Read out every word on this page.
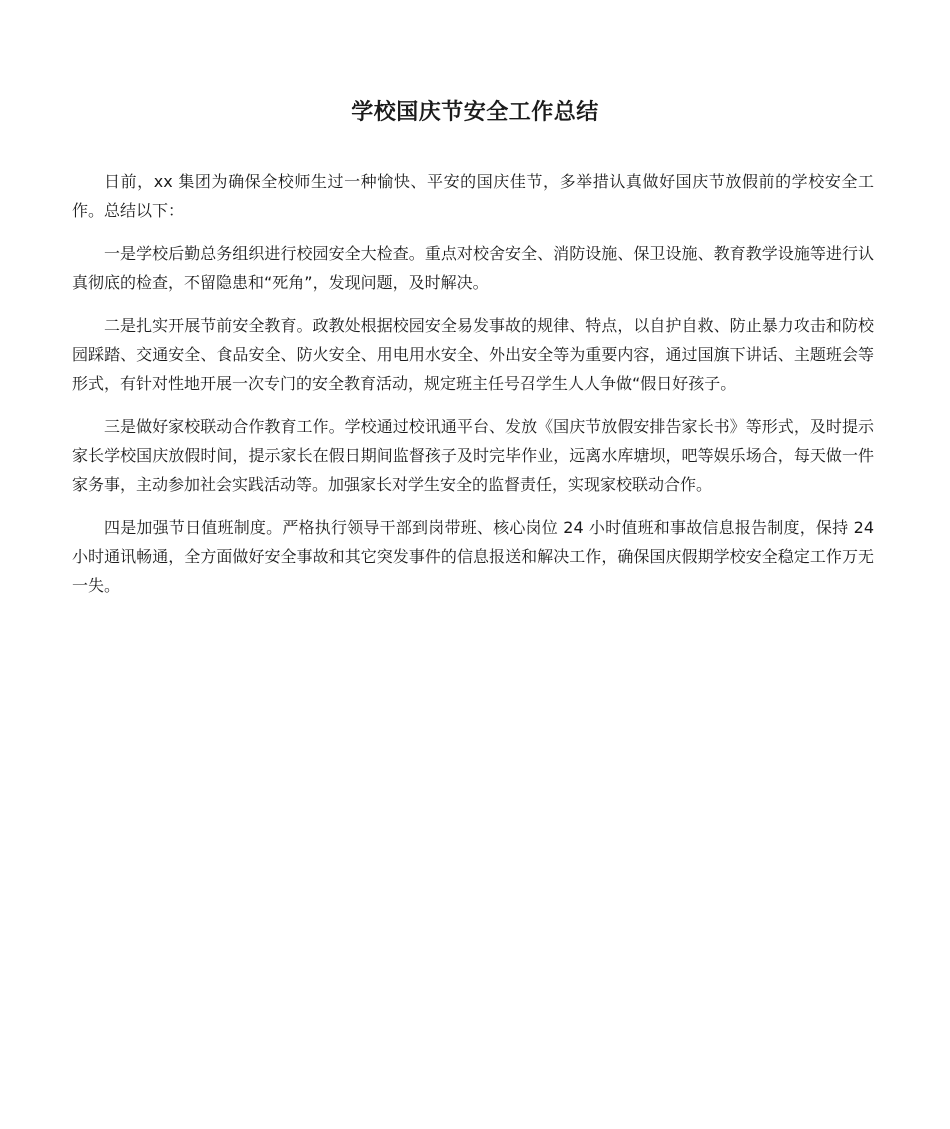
学校国庆节安全工作总结

日前，xx 集团为确保全校师生过一种愉快、平安的国庆佳节，多举措认真做好国庆节放假前的学校安全工作。总结以下：

一是学校后勤总务组织进行校园安全大检查。重点对校舍安全、消防设施、保卫设施、教育教学设施等进行认真彻底的检查，不留隐患和“死角”，发现问题，及时解决。

二是扎实开展节前安全教育。政教处根据校园安全易发事故的规律、特点，以自护自救、防止暴力攻击和防校园踩踏、交通安全、食品安全、防火安全、用电用水安全、外出安全等为重要内容，通过国旗下讲话、主题班会等形式，有针对性地开展一次专门的安全教育活动，规定班主任号召学生人人争做“假日好孩子。

三是做好家校联动合作教育工作。学校通过校讯通平台、发放《国庆节放假安排告家长书》等形式，及时提示家长学校国庆放假时间，提示家长在假日期间监督孩子及时完毕作业，远离水库塘坝，吧等娱乐场合，每天做一件家务事，主动参加社会实践活动等。加强家长对学生安全的监督责任，实现家校联动合作。

四是加强节日值班制度。严格执行领导干部到岗带班、核心岗位 24 小时值班和事故信息报告制度，保持 24 小时通讯畅通，全方面做好安全事故和其它突发事件的信息报送和解决工作，确保国庆假期学校安全稳定工作万无一失。
